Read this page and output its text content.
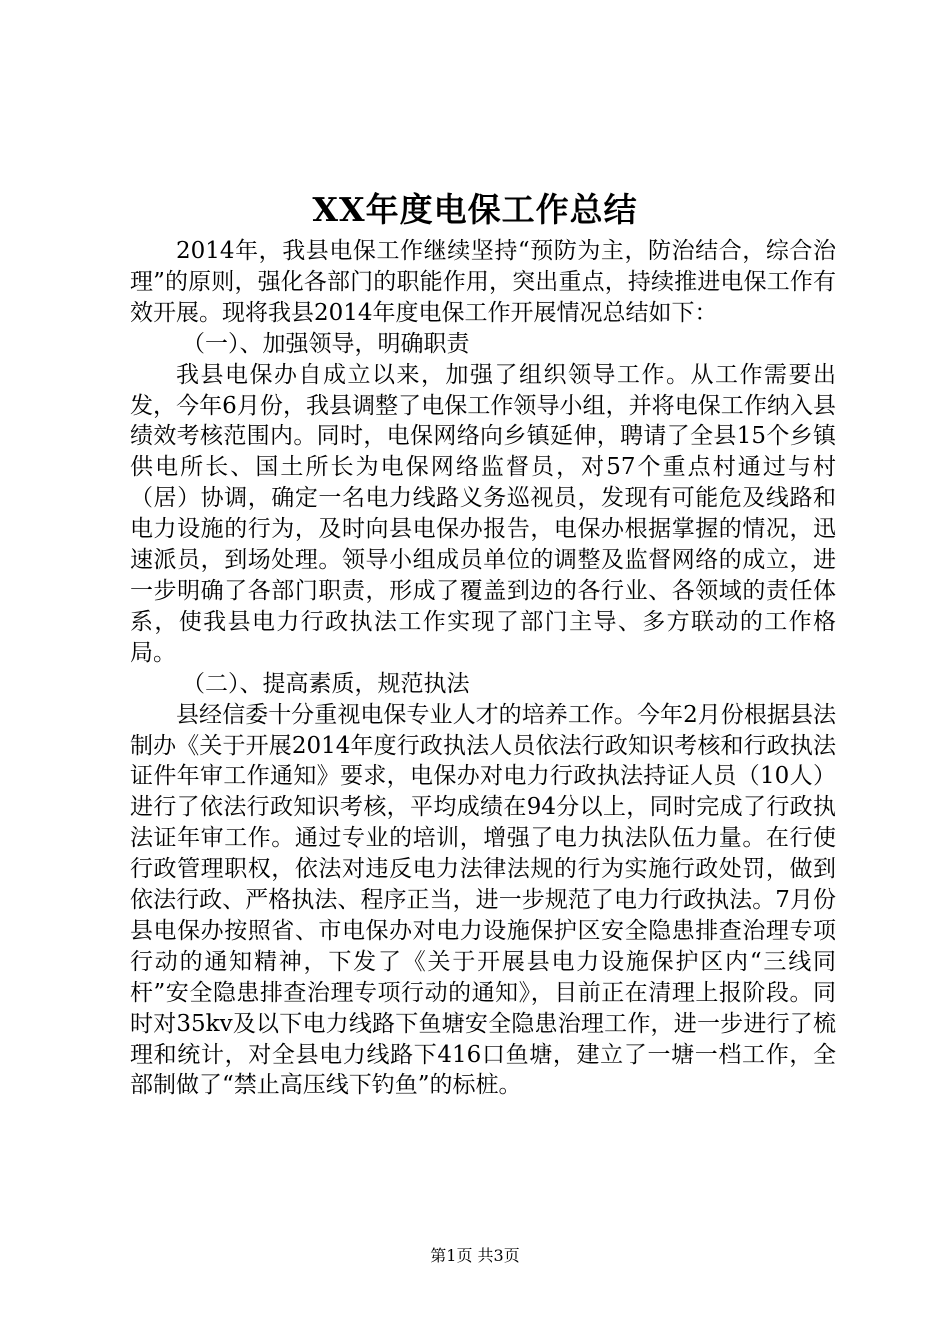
XX年度电保工作总结

2014年，我县电保工作继续坚持“预防为主，防治结合，综合治理”的原则，强化各部门的职能作用，突出重点，持续推进电保工作有效开展。现将我县2014年度电保工作开展情况总结如下：

（一）、加强领导，明确职责

我县电保办自成立以来，加强了组织领导工作。从工作需要出发，今年6月份，我县调整了电保工作领导小组，并将电保工作纳入县绩效考核范围内。同时，电保网络向乡镇延伸，聘请了全县15个乡镇供电所长、国土所长为电保网络监督员，对57个重点村通过与村（居）协调，确定一名电力线路义务巡视员，发现有可能危及线路和电力设施的行为，及时向县电保办报告，电保办根据掌握的情况，迅速派员，到场处理。领导小组成员单位的调整及监督网络的成立，进一步明确了各部门职责，形成了覆盖到边的各行业、各领域的责任体系，使我县电力行政执法工作实现了部门主导、多方联动的工作格局。

（二）、提高素质，规范执法

县经信委十分重视电保专业人才的培养工作。今年2月份根据县法制办《关于开展2014年度行政执法人员依法行政知识考核和行政执法证件年审工作通知》要求，电保办对电力行政执法持证人员（10人）进行了依法行政知识考核，平均成绩在94分以上，同时完成了行政执法证年审工作。通过专业的培训，增强了电力执法队伍力量。在行使行政管理职权，依法对违反电力法律法规的行为实施行政处罚，做到依法行政、严格执法、程序正当，进一步规范了电力行政执法。7月份县电保办按照省、市电保办对电力设施保护区安全隐患排查治理专项行动的通知精神，下发了《关于开展县电力设施保护区内“三线同杆”安全隐患排查治理专项行动的通知》，目前正在清理上报阶段。同时对35kv及以下电力线路下鱼塘安全隐患治理工作，进一步进行了梳理和统计，对全县电力线路下416口鱼塘，建立了一塘一档工作，全部制做了“禁止高压线下钓鱼”的标桩。

第1页 共3页
